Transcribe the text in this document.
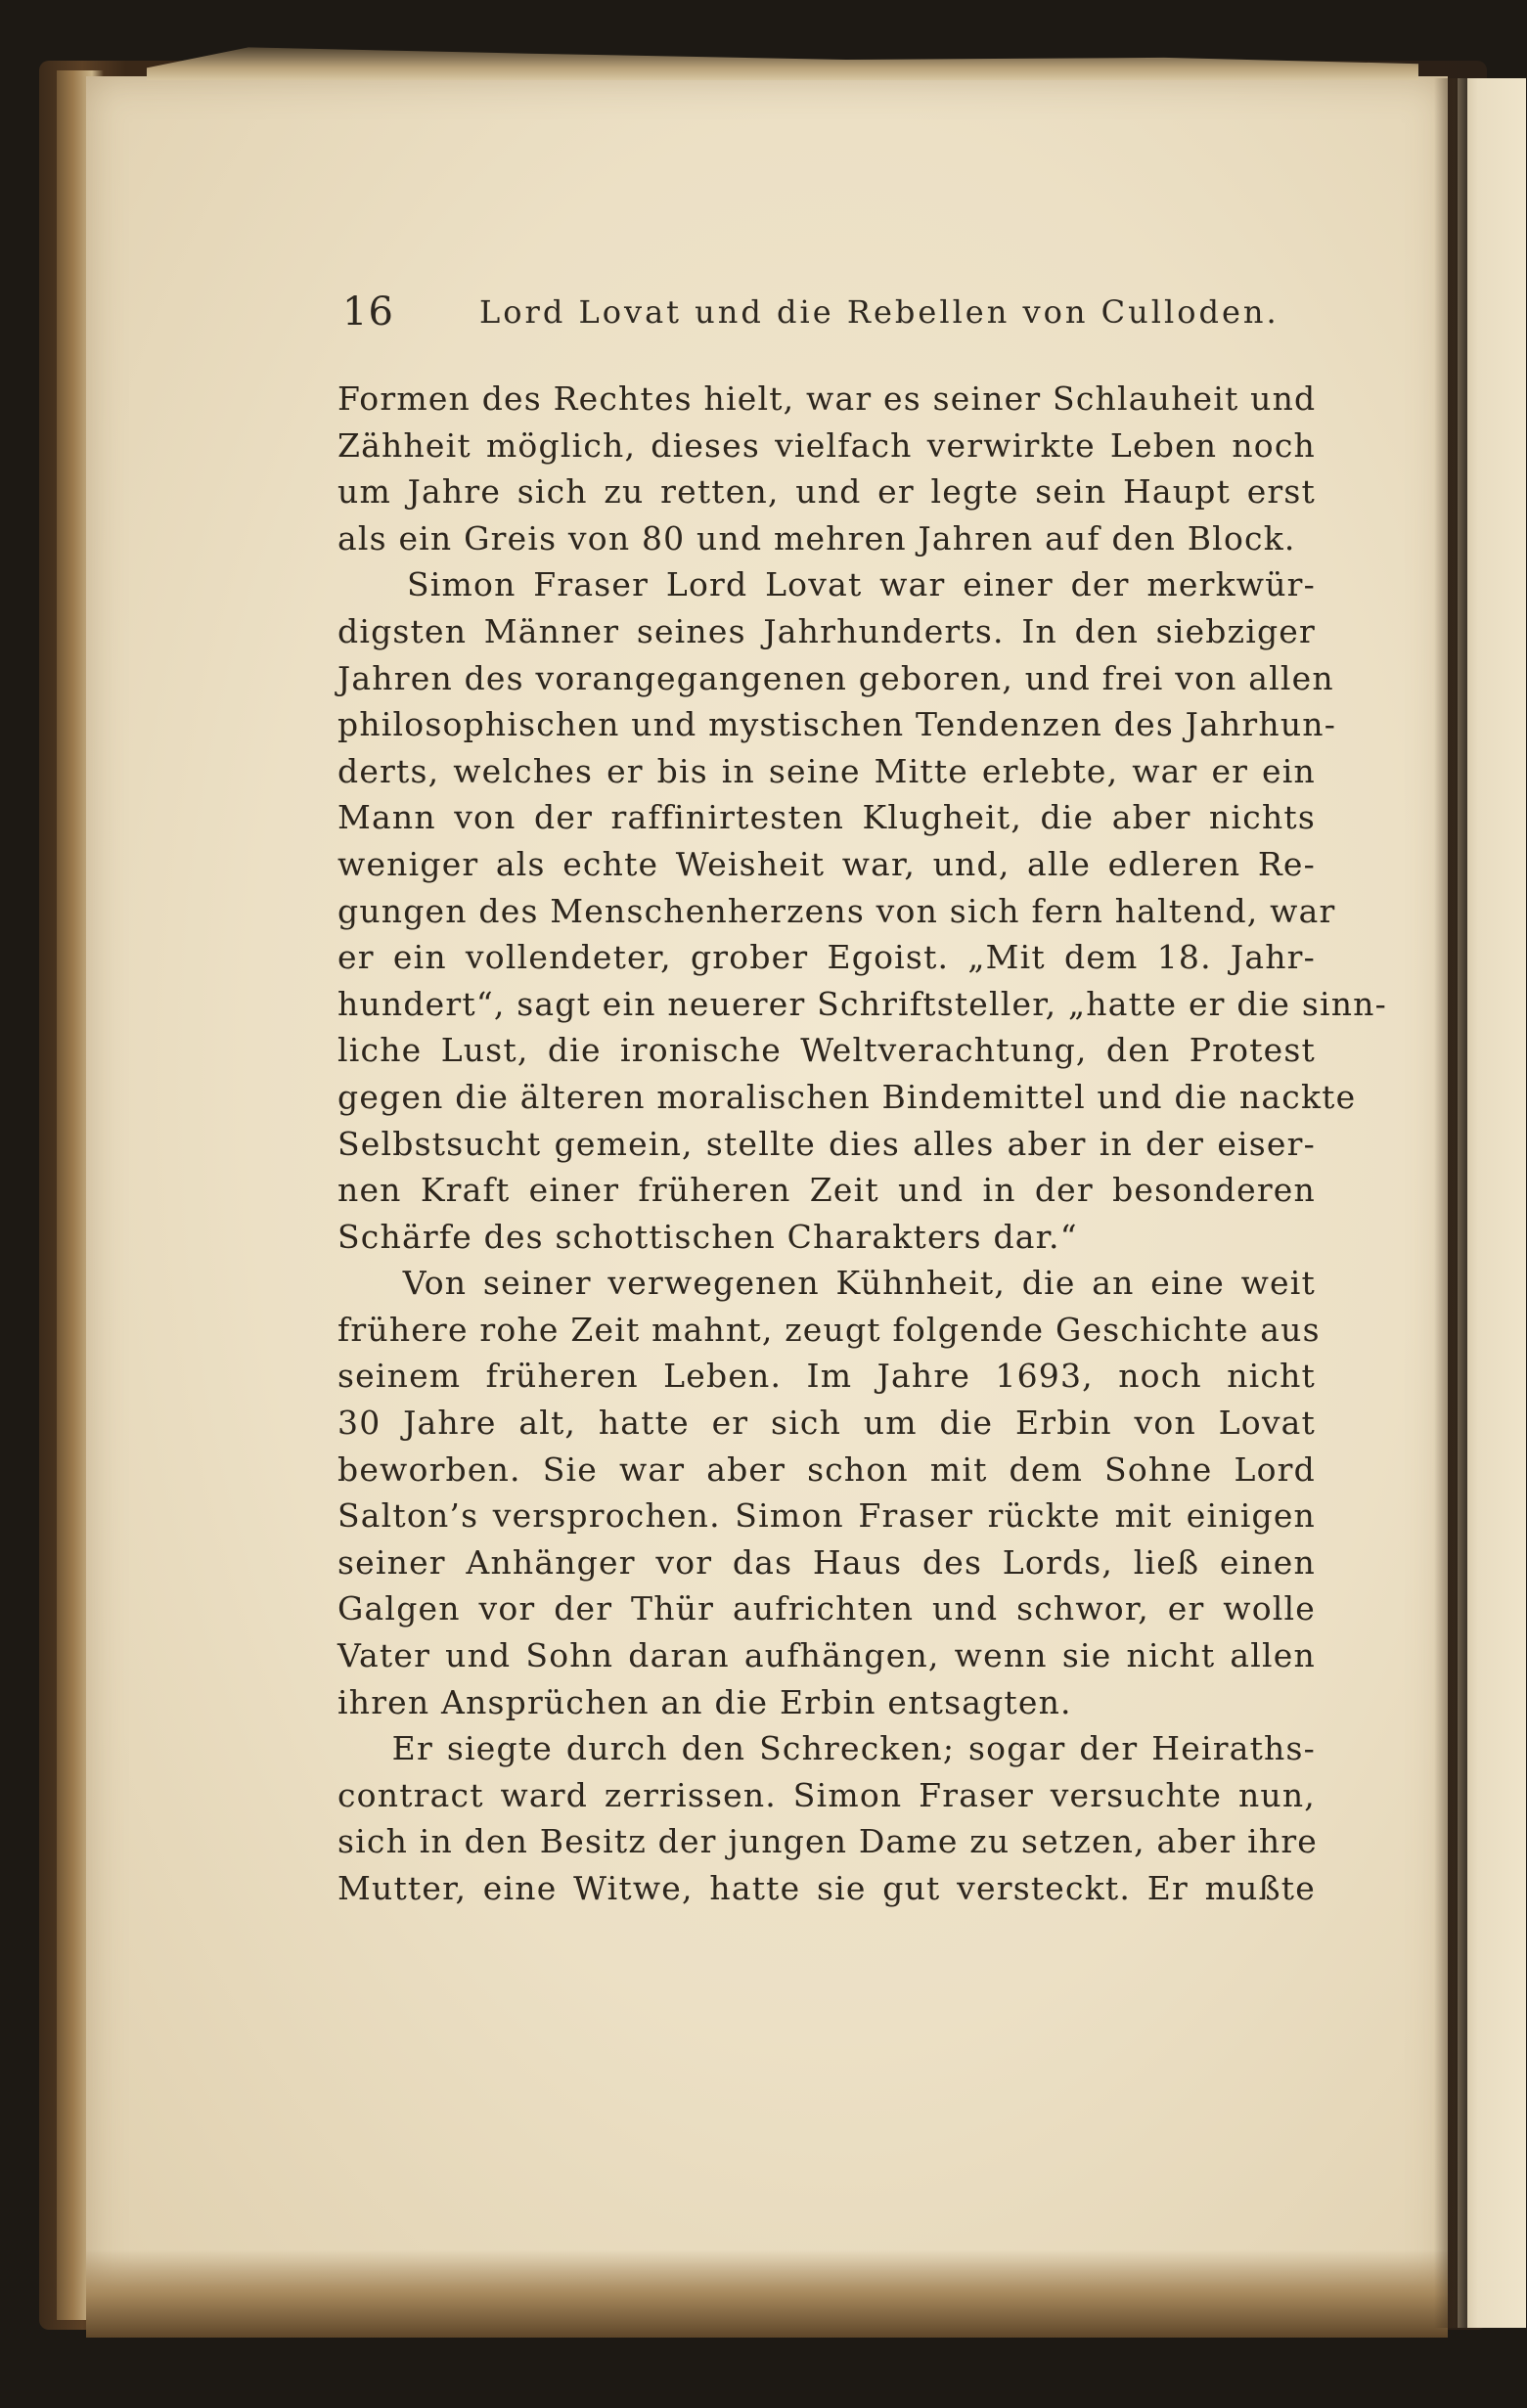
16	Lord Lovat und die Rebellen von Culloden.
Formen des Rechtes hielt, war es seiner Schlauheit und
Zähheit möglich, dieses vielfach verwirkte Leben noch
um Jahre sich zu retten, und er legte sein Haupt erst
als ein Greis von 80 und mehren Jahren auf den Block.
Simon Fraser Lord Lovat war einer der merkwür-
digsten Männer seines Jahrhunderts. In den siebziger
Jahren des vorangegangenen geboren, und frei von allen
philosophischen und mystischen Tendenzen des Jahrhun-
derts, welches er bis in seine Mitte erlebte, war er ein
Mann von der raffinirtesten Klugheit, die aber nichts
weniger als echte Weisheit war, und, alle edleren Re-
gungen des Menschenherzens von sich fern haltend, war
er ein vollendeter, grober Egoist. „Mit dem 18. Jahr-
hundert“, sagt ein neuerer Schriftsteller, „hatte er die sinn-
liche Lust, die ironische Weltverachtung, den Protest
gegen die älteren moralischen Bindemittel und die nackte
Selbstsucht gemein, stellte dies alles aber in der eiser-
nen Kraft einer früheren Zeit und in der besonderen
Schärfe des schottischen Charakters dar.“
Von seiner verwegenen Kühnheit, die an eine weit
frühere rohe Zeit mahnt, zeugt folgende Geschichte aus
seinem früheren Leben. Im Jahre 1693, noch nicht
30 Jahre alt, hatte er sich um die Erbin von Lovat
beworben. Sie war aber schon mit dem Sohne Lord
Salton’s versprochen. Simon Fraser rückte mit einigen
seiner Anhänger vor das Haus des Lords, ließ einen
Galgen vor der Thür aufrichten und schwor, er wolle
Vater und Sohn daran aufhängen, wenn sie nicht allen
ihren Ansprüchen an die Erbin entsagten.
Er siegte durch den Schrecken; sogar der Heiraths-
contract ward zerrissen. Simon Fraser versuchte nun,
sich in den Besitz der jungen Dame zu setzen, aber ihre
Mutter, eine Witwe, hatte sie gut versteckt. Er mußte
